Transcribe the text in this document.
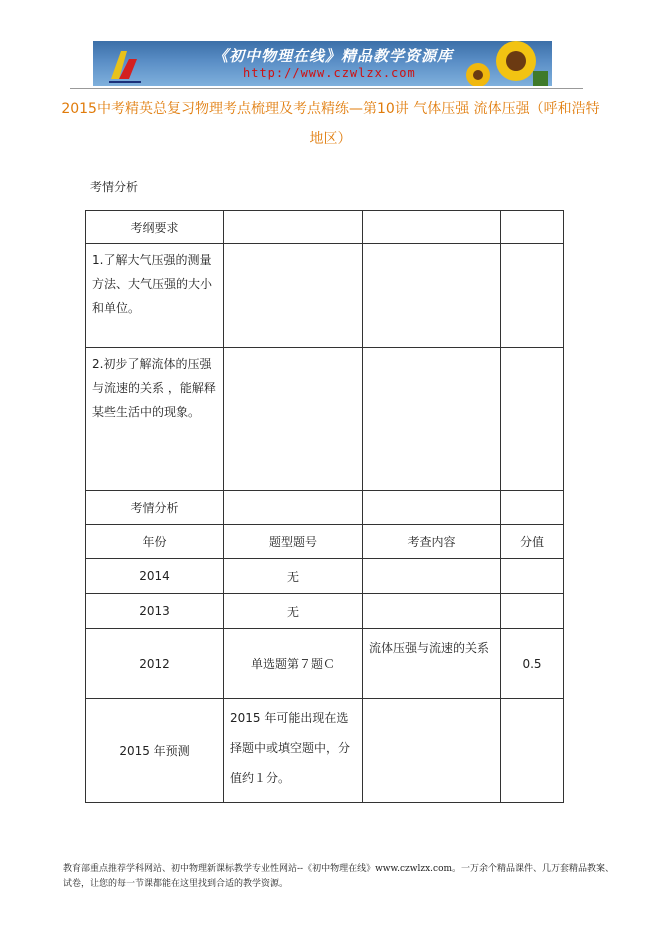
《初中物理在线》精品教学资源库
http://www.czwlzx.com
2015中考精英总复习物理考点梳理及考点精练—第10讲 气体压强 流体压强（呼和浩特地区）
考情分析
考纲要求			
1.了解大气压强的测量方法、大气压强的大小和单位。			
2.初步了解流体的压强与流速的关系 ，能解释某些生活中的现象。			
考情分析			
年份	题型题号	考查内容	分值
2014	无		
2013	无		
2012	单选题第７题Ｃ	流体压强与流速的关系	0.5
2015 年预测	2015 年可能出现在选择题中或填空题中，分值约１分。		
教育部重点推荐学科网站、初中物理新课标教学专业性网站--《初中物理在线》www.czwlzx.com。一万余个精品课件、几万套精品教案、试卷，让您的每一节课都能在这里找到合适的教学资源。
